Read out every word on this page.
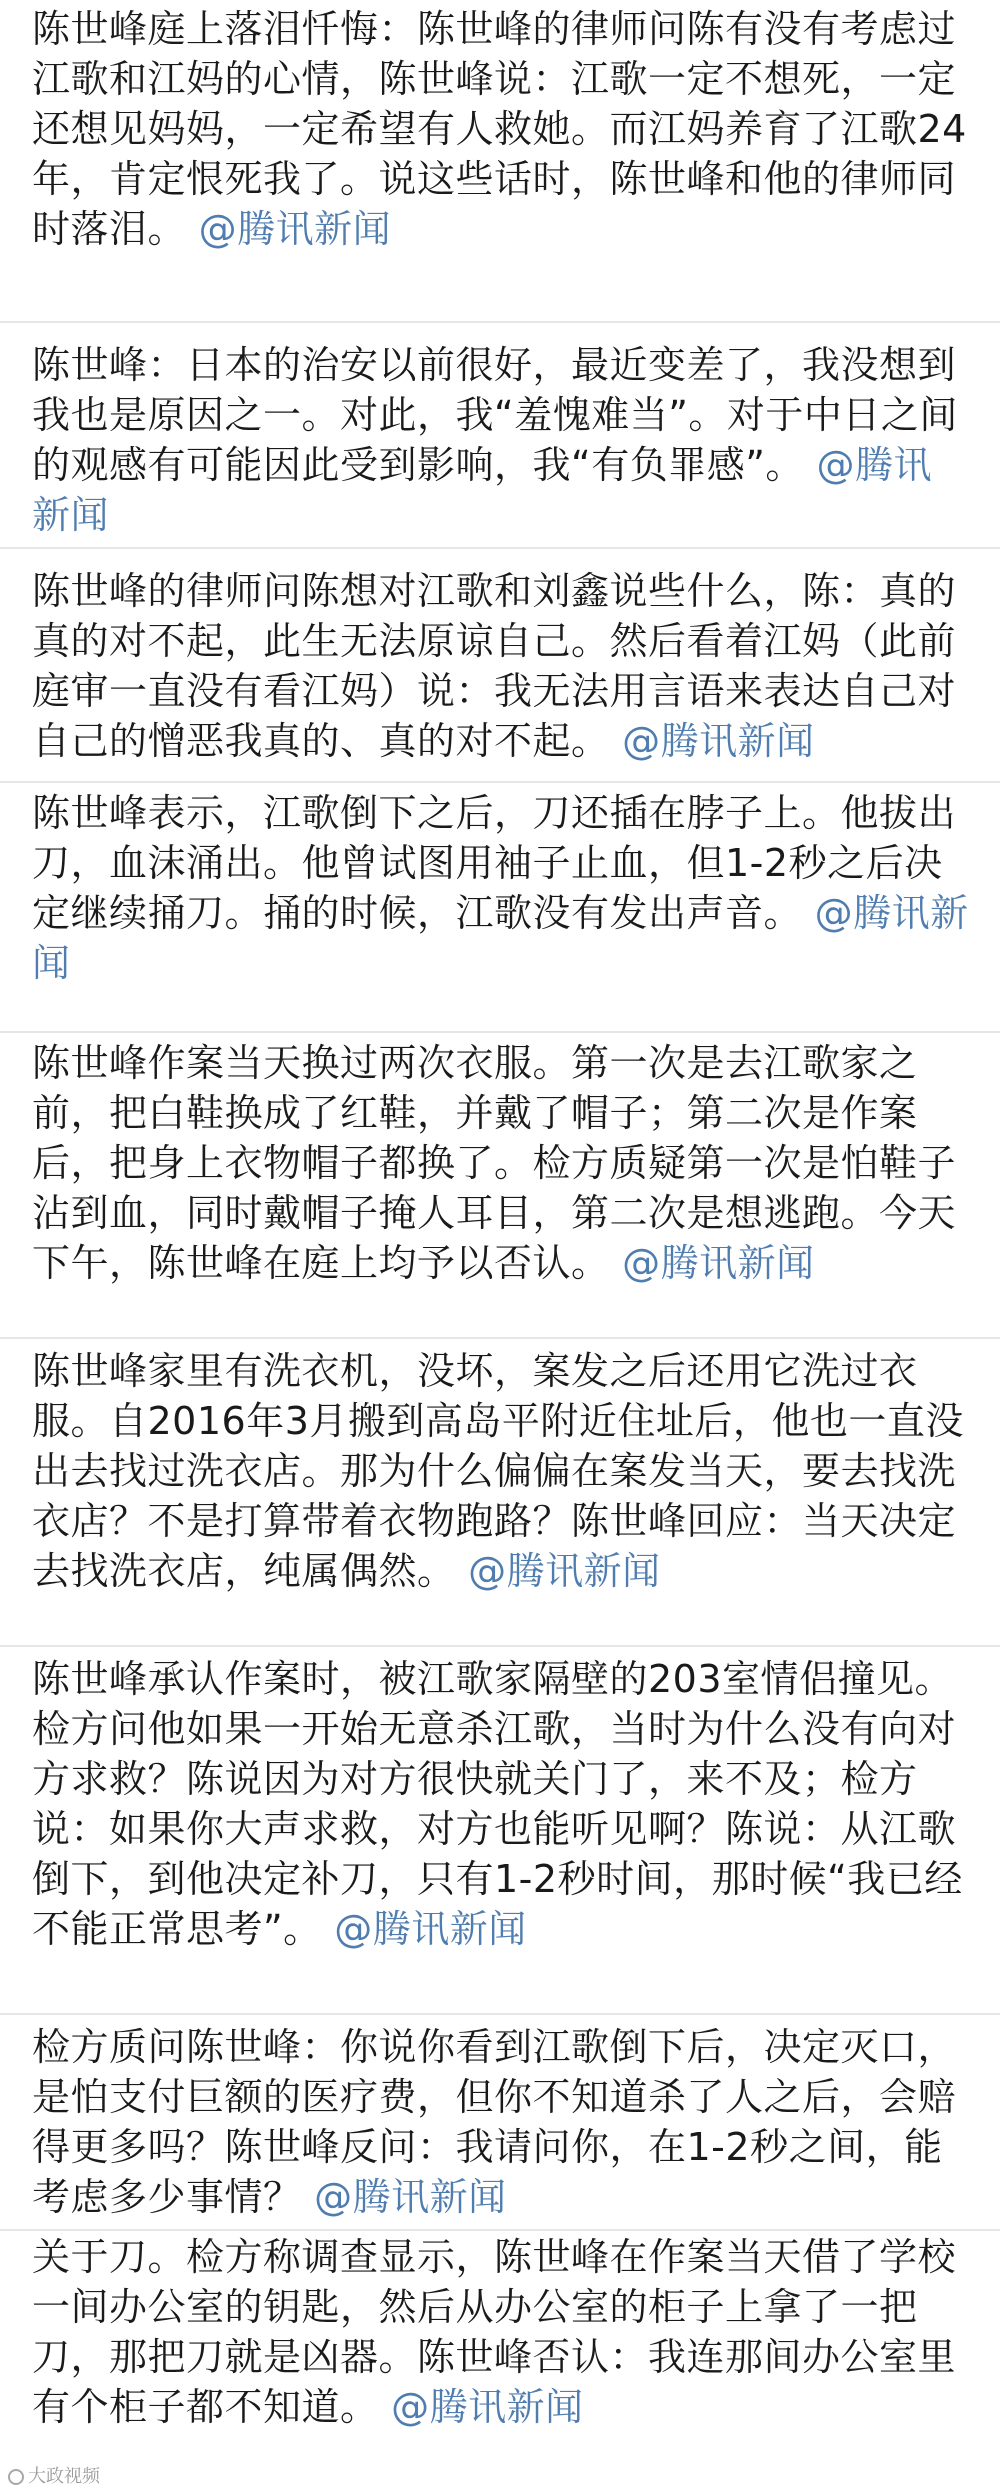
陈世峰庭上落泪忏悔：陈世峰的律师问陈有没有考虑过江歌和江妈的心情，陈世峰说：江歌一定不想死，一定还想见妈妈，一定希望有人救她。而江妈养育了江歌24年，肯定恨死我了。说这些话时，陈世峰和他的律师同时落泪。 @腾讯新闻
陈世峰：日本的治安以前很好，最近变差了，我没想到我也是原因之一。对此，我“羞愧难当”。对于中日之间的观感有可能因此受到影响，我“有负罪感”。 @腾讯新闻
陈世峰的律师问陈想对江歌和刘鑫说些什么，陈：真的真的对不起，此生无法原谅自己。然后看着江妈（此前庭审一直没有看江妈）说：我无法用言语来表达自己对自己的憎恶我真的、真的对不起。 @腾讯新闻
陈世峰表示，江歌倒下之后，刀还插在脖子上。他拔出刀，血沫涌出。他曾试图用袖子止血，但1-2秒之后决定继续捅刀。捅的时候，江歌没有发出声音。 @腾讯新闻
陈世峰作案当天换过两次衣服。第一次是去江歌家之前，把白鞋换成了红鞋，并戴了帽子；第二次是作案后，把身上衣物帽子都换了。检方质疑第一次是怕鞋子沾到血，同时戴帽子掩人耳目，第二次是想逃跑。今天下午，陈世峰在庭上均予以否认。 @腾讯新闻
陈世峰家里有洗衣机，没坏，案发之后还用它洗过衣服。自2016年3月搬到高岛平附近住址后，他也一直没出去找过洗衣店。那为什么偏偏在案发当天，要去找洗衣店？不是打算带着衣物跑路？陈世峰回应：当天决定去找洗衣店，纯属偶然。 @腾讯新闻
陈世峰承认作案时，被江歌家隔壁的203室情侣撞见。检方问他如果一开始无意杀江歌，当时为什么没有向对方求救？陈说因为对方很快就关门了，来不及；检方说：如果你大声求救，对方也能听见啊？陈说：从江歌倒下，到他决定补刀，只有1-2秒时间，那时候“我已经不能正常思考”。 @腾讯新闻
检方质问陈世峰：你说你看到江歌倒下后，决定灭口，是怕支付巨额的医疗费，但你不知道杀了人之后，会赔得更多吗？陈世峰反问：我请问你，在1-2秒之间，能考虑多少事情？ @腾讯新闻
关于刀。检方称调查显示，陈世峰在作案当天借了学校一间办公室的钥匙，然后从办公室的柜子上拿了一把刀，那把刀就是凶器。陈世峰否认：我连那间办公室里有个柜子都不知道。 @腾讯新闻
大政视频
